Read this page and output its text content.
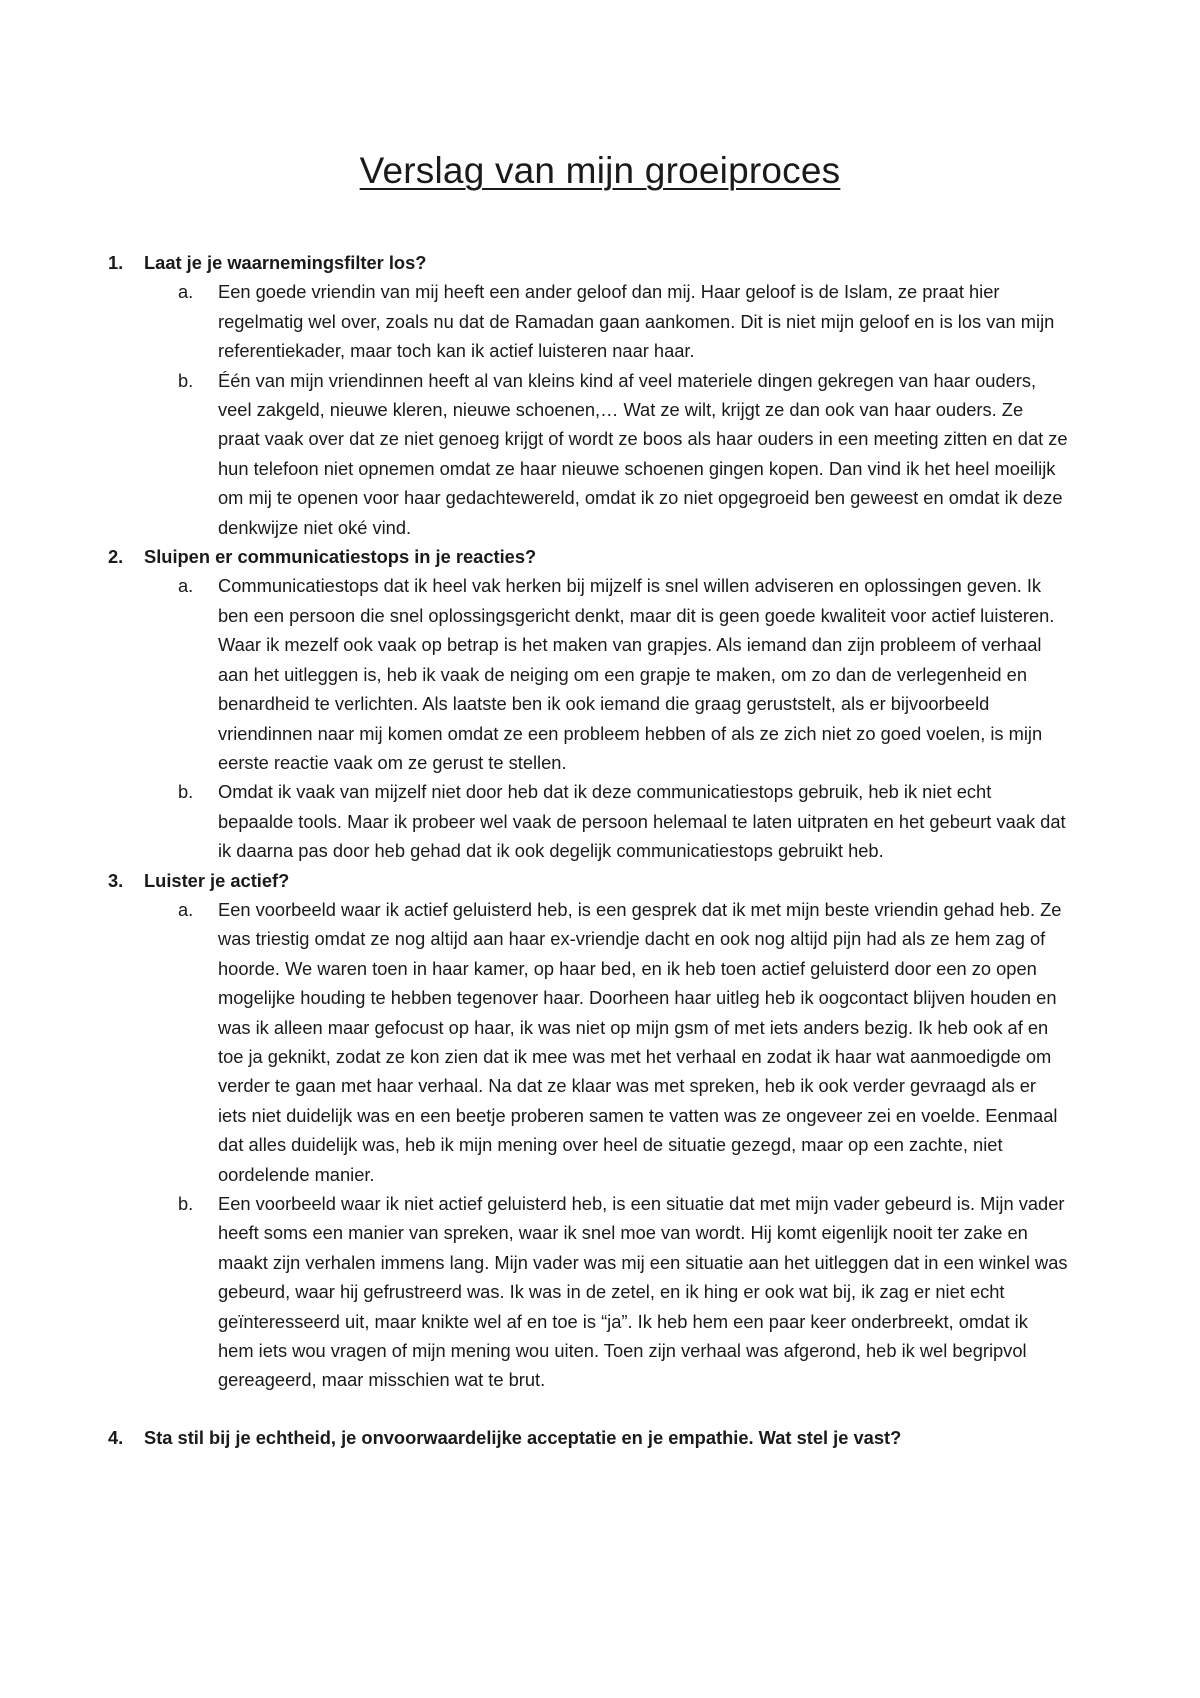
Verslag van mijn groeiproces

1. Laat je je waarnemingsfilter los?

a. Een goede vriendin van mij heeft een ander geloof dan mij. Haar geloof is de Islam, ze praat hier regelmatig wel over, zoals nu dat de Ramadan gaan aankomen. Dit is niet mijn geloof en is los van mijn referentiekader, maar toch kan ik actief luisteren naar haar.

b. Één van mijn vriendinnen heeft al van kleins kind af veel materiele dingen gekregen van haar ouders, veel zakgeld, nieuwe kleren, nieuwe schoenen,… Wat ze wilt, krijgt ze dan ook van haar ouders. Ze praat vaak over dat ze niet genoeg krijgt of wordt ze boos als haar ouders in een meeting zitten en dat ze hun telefoon niet opnemen omdat ze haar nieuwe schoenen gingen kopen. Dan vind ik het heel moeilijk om mij te openen voor haar gedachtewereld, omdat ik zo niet opgegroeid ben geweest en omdat ik deze denkwijze niet oké vind.

2. Sluipen er communicatiestops in je reacties?

a. Communicatiestops dat ik heel vak herken bij mijzelf is snel willen adviseren en oplossingen geven. Ik ben een persoon die snel oplossingsgericht denkt, maar dit is geen goede kwaliteit voor actief luisteren. Waar ik mezelf ook vaak op betrap is het maken van grapjes. Als iemand dan zijn probleem of verhaal aan het uitleggen is, heb ik vaak de neiging om een grapje te maken, om zo dan de verlegenheid en benardheid te verlichten. Als laatste ben ik ook iemand die graag geruststelt, als er bijvoorbeeld vriendinnen naar mij komen omdat ze een probleem hebben of als ze zich niet zo goed voelen, is mijn eerste reactie vaak om ze gerust te stellen.

b. Omdat ik vaak van mijzelf niet door heb dat ik deze communicatiestops gebruik, heb ik niet echt bepaalde tools. Maar ik probeer wel vaak de persoon helemaal te laten uitpraten en het gebeurt vaak dat ik daarna pas door heb gehad dat ik ook degelijk communicatiestops gebruikt heb.

3. Luister je actief?

a. Een voorbeeld waar ik actief geluisterd heb, is een gesprek dat ik met mijn beste vriendin gehad heb. Ze was triestig omdat ze nog altijd aan haar ex-vriendje dacht en ook nog altijd pijn had als ze hem zag of hoorde. We waren toen in haar kamer, op haar bed, en ik heb toen actief geluisterd door een zo open mogelijke houding te hebben tegenover haar. Doorheen haar uitleg heb ik oogcontact blijven houden en was ik alleen maar gefocust op haar, ik was niet op mijn gsm of met iets anders bezig. Ik heb ook af en toe ja geknikt, zodat ze kon zien dat ik mee was met het verhaal en zodat ik haar wat aanmoedigde om verder te gaan met haar verhaal. Na dat ze klaar was met spreken, heb ik ook verder gevraagd als er iets niet duidelijk was en een beetje proberen samen te vatten was ze ongeveer zei en voelde. Eenmaal dat alles duidelijk was, heb ik mijn mening over heel de situatie gezegd, maar op een zachte, niet oordelende manier.

b. Een voorbeeld waar ik niet actief geluisterd heb, is een situatie dat met mijn vader gebeurd is. Mijn vader heeft soms een manier van spreken, waar ik snel moe van wordt. Hij komt eigenlijk nooit ter zake en maakt zijn verhalen immens lang. Mijn vader was mij een situatie aan het uitleggen dat in een winkel was gebeurd, waar hij gefrustreerd was. Ik was in de zetel, en ik hing er ook wat bij, ik zag er niet echt geïnteresseerd uit, maar knikte wel af en toe is “ja”. Ik heb hem een paar keer onderbreekt, omdat ik hem iets wou vragen of mijn mening wou uiten. Toen zijn verhaal was afgerond, heb ik wel begripvol gereageerd, maar misschien wat te brut.

4. Sta stil bij je echtheid, je onvoorwaardelijke acceptatie en je empathie. Wat stel je vast?
